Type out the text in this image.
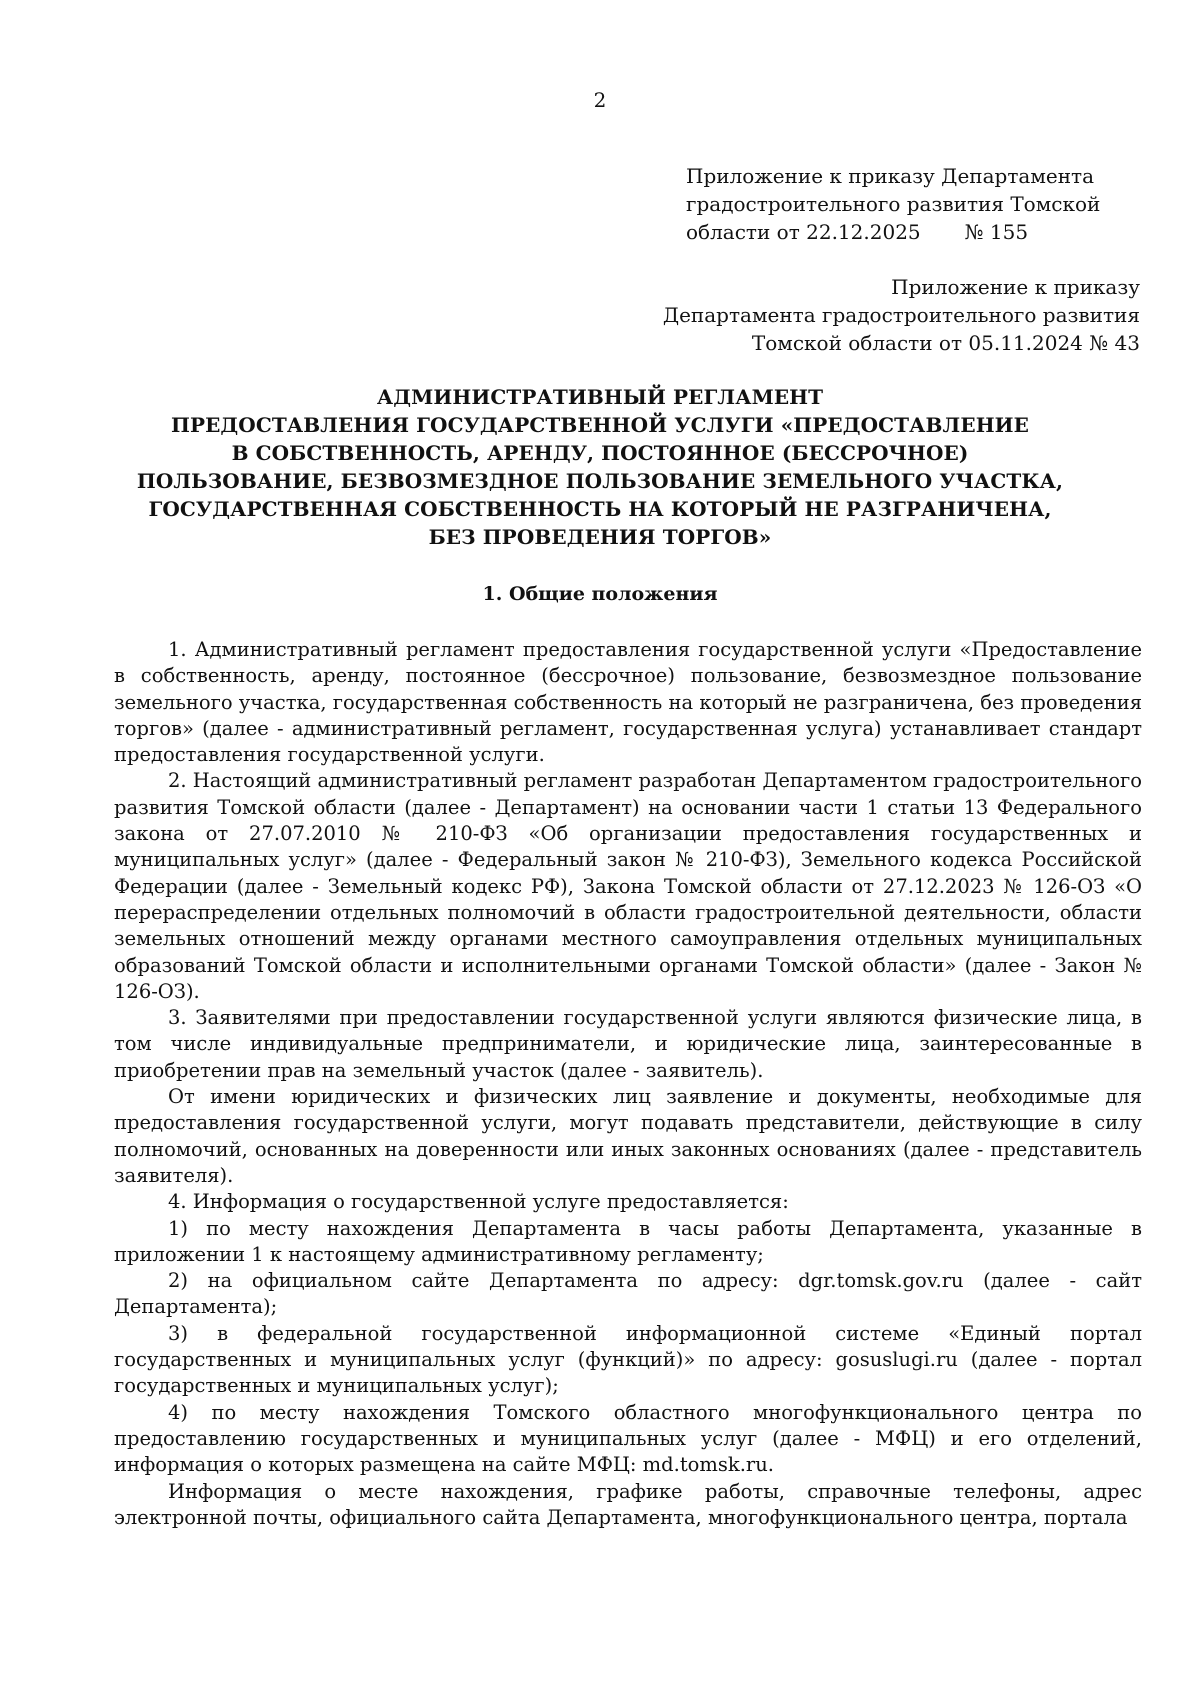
2
Приложение к приказу Департамента
градостроительного развития Томской
области от 22.12.2025 № 155
Приложение к приказу
Департамента градостроительного развития
Томской области от 05.11.2024 № 43
АДМИНИСТРАТИВНЫЙ РЕГЛАМЕНТ
ПРЕДОСТАВЛЕНИЯ ГОСУДАРСТВЕННОЙ УСЛУГИ «ПРЕДОСТАВЛЕНИЕ
В СОБСТВЕННОСТЬ, АРЕНДУ, ПОСТОЯННОЕ (БЕССРОЧНОЕ)
ПОЛЬЗОВАНИЕ, БЕЗВОЗМЕЗДНОЕ ПОЛЬЗОВАНИЕ ЗЕМЕЛЬНОГО УЧАСТКА,
ГОСУДАРСТВЕННАЯ СОБСТВЕННОСТЬ НА КОТОРЫЙ НЕ РАЗГРАНИЧЕНА,
БЕЗ ПРОВЕДЕНИЯ ТОРГОВ»
1. Общие положения

1. Административный регламент предоставления государственной услуги «Предоставление в собственность, аренду, постоянное (бессрочное) пользование, безвозмездное пользование земельного участка, государственная собственность на который не разграничена, без проведения торгов» (далее - административный регламент, государственная услуга) устанавливает стандарт предоставления государственной услуги.

2. Настоящий административный регламент разработан Департаментом градостроительного развития Томской области (далее - Департамент) на основании части 1 статьи 13 Федерального закона от 27.07.2010 № 210-ФЗ «Об организации предоставления государственных и муниципальных услуг» (далее - Федеральный закон № 210-ФЗ), Земельного кодекса Российской Федерации (далее - Земельный кодекс РФ), Закона Томской области от 27.12.2023 № 126-ОЗ «О перераспределении отдельных полномочий в области градостроительной деятельности, области земельных отношений между органами местного самоуправления отдельных муниципальных образований Томской области и исполнительными органами Томской области» (далее - Закон № 126-ОЗ).

3. Заявителями при предоставлении государственной услуги являются физические лица, в том числе индивидуальные предприниматели, и юридические лица, заинтересованные в приобретении прав на земельный участок (далее - заявитель).

От имени юридических и физических лиц заявление и документы, необходимые для предоставления государственной услуги, могут подавать представители, действующие в силу полномочий, основанных на доверенности или иных законных основаниях (далее - представитель заявителя).

4. Информация о государственной услуге предоставляется:

1) по месту нахождения Департамента в часы работы Департамента, указанные в приложении 1 к настоящему административному регламенту;

2) на официальном сайте Департамента по адресу: dgr.tomsk.gov.ru (далее - сайт Департамента);

3) в федеральной государственной информационной системе «Единый портал государственных и муниципальных услуг (функций)» по адресу: gosuslugi.ru (далее - портал государственных и муниципальных услуг);

4) по месту нахождения Томского областного многофункционального центра по предоставлению государственных и муниципальных услуг (далее - МФЦ) и его отделений, информация о которых размещена на сайте МФЦ: md.tomsk.ru.

Информация о месте нахождения, графике работы, справочные телефоны, адрес электронной почты, официального сайта Департамента, многофункционального центра, портала
